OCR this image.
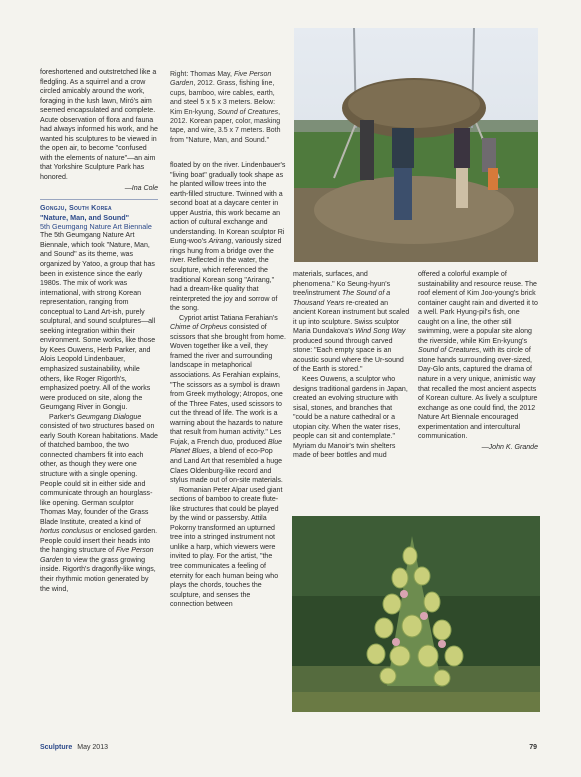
foreshortened and outstretched like a fledgling. As a squirrel and a crow circled amicably around the work, foraging in the lush lawn, Miró's aim seemed encapsulated and complete. Acute observation of flora and fauna had always informed his work, and he wanted his sculptures to be viewed in the open air, to become "confused with the elements of nature"—an aim that Yorkshire Sculpture Park has honored.

—Ina Cole

Gongju, South Korea
"Nature, Man, and Sound"
5th Geumgang Nature Art Biennale

The 5th Geumgang Nature Art Biennale, which took "Nature, Man, and Sound" as its theme, was organized by Yatoo, a group that has been in existence since the early 1980s. The mix of work was international, with strong Korean representation, ranging from conceptual to Land Art-ish, purely sculptural, and sound sculptures—all seeking integration within their environment. Some works, like those by Kees Ouwens, Herb Parker, and Alois Leopold Lindenbauer, emphasized sustainability, while others, like Roger Rigorth's, emphasized poetry. All of the works were produced on site, along the Geumgang River in Gongju.

Parker's Geumgang Dialogue consisted of two structures based on early South Korean habitations. Made of thatched bamboo, the two connected chambers fit into each other, as though they were one structure with a single opening. People could sit in either side and communicate through an hourglass-like opening. German sculptor Thomas May, founder of the Grass Blade Institute, created a kind of hortus conclusus or enclosed garden. People could insert their heads into the hanging structure of Five Person Garden to view the grass growing inside. Rigorth's dragonfly-like wings, their rhythmic motion generated by the wind,

Right: Thomas May, Five Person Garden, 2012. Grass, fishing line, cups, bamboo, wire cables, earth, and steel 5 x 5 x 3 meters. Below: Kim En-kyung, Sound of Creatures, 2012. Korean paper, color, masking tape, and wire, 3.5 x 7 meters. Both from "Nature, Man, and Sound."

floated by on the river. Lindenbauer's "living boat" gradually took shape as he planted willow trees into the earth-filled structure. Twinned with a second boat at a daycare center in upper Austria, this work became an action of cultural exchange and understanding. In Korean sculptor Ri Eung-woo's Arirang, variously sized rings hung from a bridge over the river. Reflected in the water, the sculpture, which referenced the traditional Korean song "Arirang," had a dream-like quality that reinterpreted the joy and sorrow of the song.

Cypriot artist Tatiana Ferahian's Chime of Orpheus consisted of scissors that she brought from home. Woven together like a veil, they framed the river and surrounding landscape in metaphorical associations. As Ferahian explains, "The scissors as a symbol is drawn from Greek mythology; Atropos, one of the Three Fates, used scissors to cut the thread of life. The work is a warning about the hazards to nature that result from human activity." Les Fujak, a French duo, produced Blue Planet Blues, a blend of eco-Pop and Land Art that resembled a huge Claes Oldenburg-like record and stylus made out of on-site materials.

Romanian Peter Alpar used giant sections of bamboo to create flute-like structures that could be played by the wind or passersby. Attila Pokorny transformed an upturned tree into a stringed instrument not unlike a harp, which viewers were invited to play. For the artist, "the tree communicates a feeling of eternity for each human being who plays the chords, touches the sculpture, and senses the connection between

materials, surfaces, and phenomena." Ko Seung-hyun's tree/instrument The Sound of a Thousand Years re-created an ancient Korean instrument but scaled it up into sculpture. Swiss sculptor Maria Dundakova's Wind Song Way produced sound through carved stone: "Each empty space is an acoustic sound where the Ur-sound of the Earth is stored."

Kees Ouwens, a sculptor who designs traditional gardens in Japan, created an evolving structure with sisal, stones, and branches that "could be a nature cathedral or a utopian city. When the water rises, people can sit and contemplate." Myriam du Manoir's twin shelters made of beer bottles and mud

offered a colorful example of sustainability and resource reuse. The roof element of Kim Joo-young's brick container caught rain and diverted it to a well. Park Hyung-pil's fish, one caught on a line, the other still swimming, were a popular site along the riverside, while Kim En-kyung's Sound of Creatures, with its circle of stone hands surrounding over-sized, Day-Glo ants, captured the drama of nature in a very unique, animistic way that recalled the most ancient aspects of Korean culture. As lively a sculpture exchange as one could find, the 2012 Nature Art Biennale encouraged experimentation and intercultural communication.

—John K. Grande

Sculpture May 2013	79
